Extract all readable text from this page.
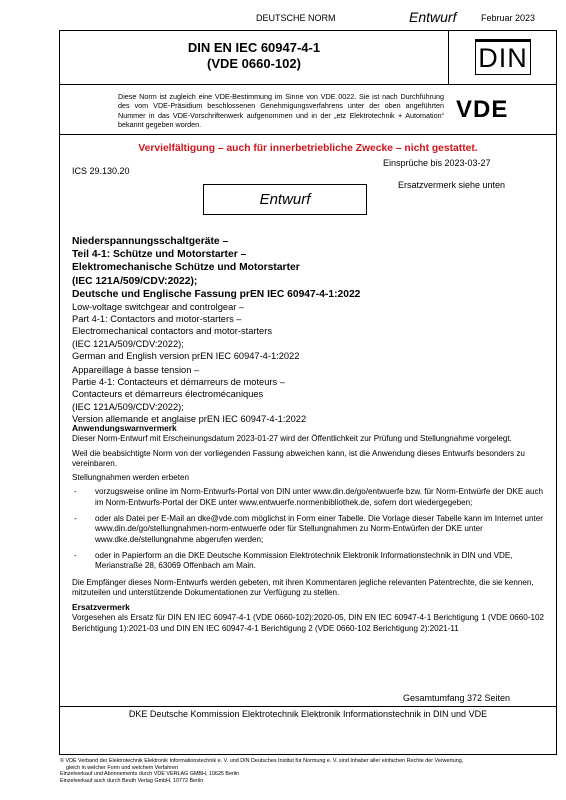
DEUTSCHE NORM	Entwurf	Februar 2023
DIN EN IEC 60947-4-1
(VDE 0660-102)	DIN
Diese Norm ist zugleich eine VDE-Bestimmung im Sinne von VDE 0022. Sie ist nach Durchführung des vom VDE-Präsidium beschlossenen Genehmigungsverfahrens unter der oben angeführten Nummer in das VDE-Vorschriftenwerk aufgenommen und in der „etz Elektrotechnik + Automation“ bekannt gegeben worden.
VDE
Vervielfältigung – auch für innerbetriebliche Zwecke – nicht gestattet.
Einsprüche bis 2023-03-27
ICS 29.130.20
Ersatzvermerk siehe unten
Entwurf
Niederspannungsschaltgeräte –
Teil 4-1: Schütze und Motorstarter –
Elektromechanische Schütze und Motorstarter
(IEC 121A/509/CDV:2022);
Deutsche und Englische Fassung prEN IEC 60947-4-1:2022
Low-voltage switchgear and controlgear –
Part 4-1: Contactors and motor-starters –
Electromechanical contactors and motor-starters
(IEC 121A/509/CDV:2022);
German and English version prEN IEC 60947-4-1:2022
Appareillage à basse tension –
Partie 4-1: Contacteurs et démarreurs de moteurs –
Contacteurs et démarreurs électromécaniques
(IEC 121A/509/CDV:2022);
Version allemande et anglaise prEN IEC 60947-4-1:2022
Anwendungswarnvermerk

Dieser Norm-Entwurf mit Erscheinungsdatum 2023-01-27 wird der Öffentlichkeit zur Prüfung und Stellungnahme vorgelegt.

Weil die beabsichtigte Norm von der vorliegenden Fassung abweichen kann, ist die Anwendung dieses Entwurfs besonders zu vereinbaren.

Stellungnahmen werden erbeten

- vorzugsweise online im Norm-Entwurfs-Portal von DIN unter www.din.de/go/entwuerfe bzw. für Norm-Entwürfe der DKE auch im Norm-Entwurfs-Portal der DKE unter www.entwuerfe.normenbibliothek.de, sofern dort wiedergegeben;
- oder als Datei per E-Mail an dke@vde.com möglichst in Form einer Tabelle. Die Vorlage dieser Tabelle kann im Internet unter www.din.de/go/stellungnahmen-norm-entwuerfe oder für Stellungnahmen zu Norm-Entwürfen der DKE unter www.dke.de/stellungnahme abgerufen werden;
- oder in Papierform an die DKE Deutsche Kommission Elektrotechnik Elektronik Informationstechnik in DIN und VDE, Merianstraße 28, 63069 Offenbach am Main.

Die Empfänger dieses Norm-Entwurfs werden gebeten, mit ihren Kommentaren jegliche relevanten Patentrechte, die sie kennen, mitzuteilen und unterstützende Dokumentationen zur Verfügung zu stellen.

Ersatzvermerk

Vorgesehen als Ersatz für DIN EN IEC 60947-4-1 (VDE 0660-102):2020-05, DIN EN IEC 60947-4-1 Berichtigung 1 (VDE 0660-102 Berichtigung 1):2021-03 und DIN EN IEC 60947-4-1 Berichtigung 2 (VDE 0660-102 Berichtigung 2):2021-11

Gesamtumfang 372 Seiten
DKE Deutsche Kommission Elektrotechnik Elektronik Informationstechnik in DIN und VDE
© VDE Verband der Elektrotechnik Elektronik Informationstechnik e. V. und DIN Deutsches Institut für Normung e. V. sind Inhaber aller einfachen Rechte der Verwertung,
gleich in welcher Form und welchem Verfahren
Einzelverkauf und Abonnements durch VDE VERLAG GMBH, 10625 Berlin
Einzelverkauf auch durch Beuth Verlag GmbH, 10772 Berlin
